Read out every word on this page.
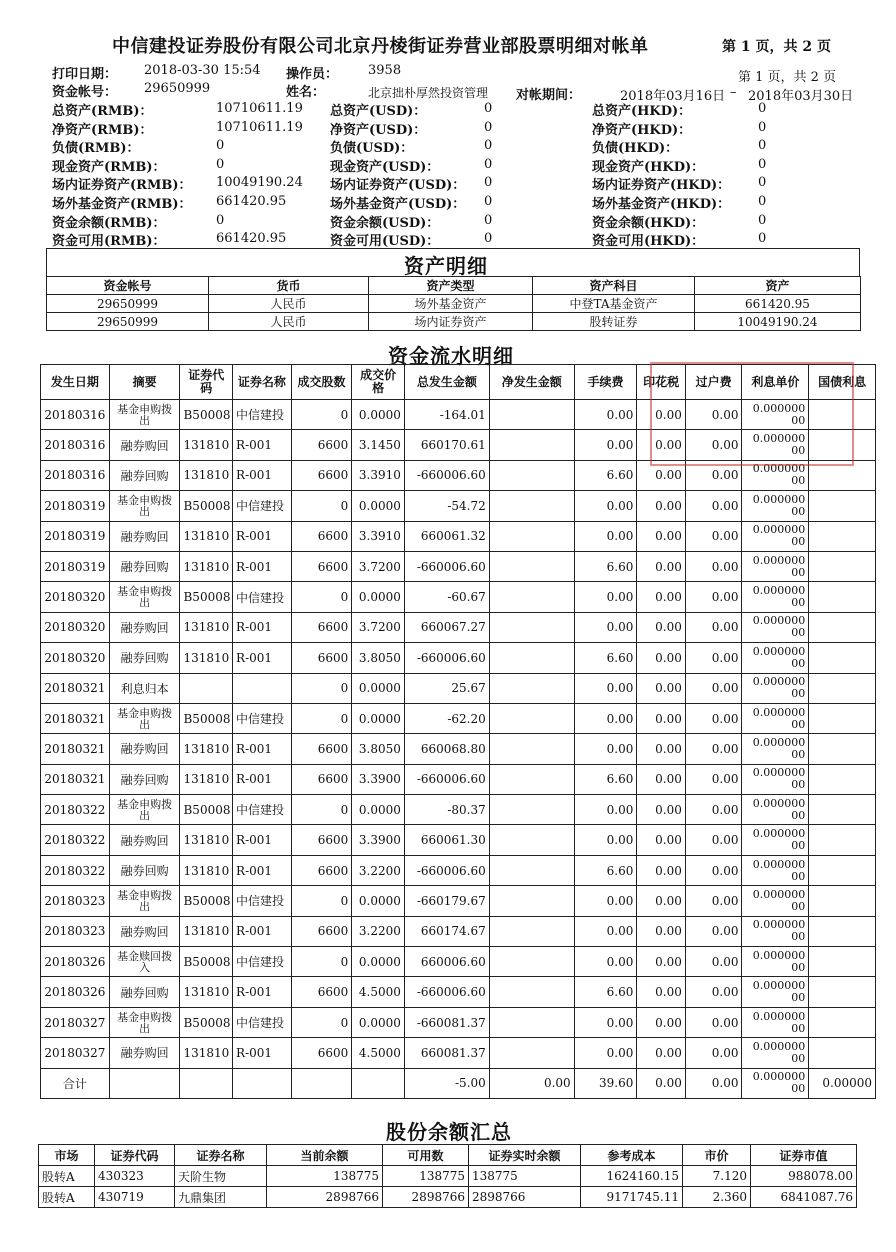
中信建投证券股份有限公司北京丹棱街证券营业部股票明细对帐单	第 1 页，共 2 页
打印日期： 2018-03-30 15:54 操作员： 3958	第 1 页，共 2 页
资金帐号： 29650999	姓名：	北京拙朴厚然投资管理 对帐期间：	2018年03月16日 – 2018年03月30日
总资产(RMB)：	10710611.19
净资产(RMB)：	10710611.19
负债(RMB)：	0
现金资产(RMB)：	0
场内证券资产(RMB)： 10049190.24
场外基金资产(RMB)： 661420.95
资金余额(RMB)：	0
资金可用(RMB)：	661420.95
总资产(USD)：	0
净资产(USD)：	0
负债(USD)：	0
现金资产(USD)：	0
场内证券资产(USD)： 0
场外基金资产(USD)： 0
资金余额(USD)：	0
资金可用(USD)：	0
总资产(HKD)：	0
净资产(HKD)：	0
负债(HKD)：	0
现金资产(HKD)：	0
场内证券资产(HKD)： 0
场外基金资产(HKD)： 0
资金余额(HKD)：	0
资金可用(HKD)：	0
资产明细
资金帐号	货币	资产类型	资产科目	资产
29650999	人民币	场外基金资产	中登TA基金资产	661420.95
29650999	人民币	场内证券资产	股转证券	10049190.24
资金流水明细
发生日期	摘要	证券代码	证券名称	成交股数	成交价格	总发生金额	净发生金额	手续费	印花税	过户费	利息单价	国债利息
20180316	基金申购拨出	B50008	中信建投	0	0.0000	-164.01		0.00	0.00	0.00	0.000000 00	
20180316	融券购回	131810	R-001	6600	3.1450	660170.61		0.00	0.00	0.00	0.000000 00	
20180316	融券回购	131810	R-001	6600	3.3910	-660006.60		6.60	0.00	0.00	0.000000 00	
20180319	基金申购拨出	B50008	中信建投	0	0.0000	-54.72		0.00	0.00	0.00	0.000000 00	
20180319	融券购回	131810	R-001	6600	3.3910	660061.32		0.00	0.00	0.00	0.000000 00	
20180319	融券回购	131810	R-001	6600	3.7200	-660006.60		6.60	0.00	0.00	0.000000 00	
20180320	基金申购拨出	B50008	中信建投	0	0.0000	-60.67		0.00	0.00	0.00	0.000000 00	
20180320	融券购回	131810	R-001	6600	3.7200	660067.27		0.00	0.00	0.00	0.000000 00	
20180320	融券回购	131810	R-001	6600	3.8050	-660006.60		6.60	0.00	0.00	0.000000 00	
20180321	利息归本			0	0.0000	25.67		0.00	0.00	0.00	0.000000 00	
20180321	基金申购拨出	B50008	中信建投	0	0.0000	-62.20		0.00	0.00	0.00	0.000000 00	
20180321	融券购回	131810	R-001	6600	3.8050	660068.80		0.00	0.00	0.00	0.000000 00	
20180321	融券回购	131810	R-001	6600	3.3900	-660006.60		6.60	0.00	0.00	0.000000 00	
20180322	基金申购拨出	B50008	中信建投	0	0.0000	-80.37		0.00	0.00	0.00	0.000000 00	
20180322	融券购回	131810	R-001	6600	3.3900	660061.30		0.00	0.00	0.00	0.000000 00	
20180322	融券回购	131810	R-001	6600	3.2200	-660006.60		6.60	0.00	0.00	0.000000 00	
20180323	基金申购拨出	B50008	中信建投	0	0.0000	-660179.67		0.00	0.00	0.00	0.000000 00	
20180323	融券购回	131810	R-001	6600	3.2200	660174.67		0.00	0.00	0.00	0.000000 00	
20180326	基金赎回拨入	B50008	中信建投	0	0.0000	660006.60		0.00	0.00	0.00	0.000000 00	
20180326	融券回购	131810	R-001	6600	4.5000	-660006.60		6.60	0.00	0.00	0.000000 00	
20180327	基金申购拨出	B50008	中信建投	0	0.0000	-660081.37		0.00	0.00	0.00	0.000000 00	
20180327	融券购回	131810	R-001	6600	4.5000	660081.37		0.00	0.00	0.00	0.000000 00	
合计						-5.00	0.00	39.60	0.00	0.00	0.000000 00	0.00000
股份余额汇总
市场	证券代码	证券名称	当前余额	可用数	证券实时余额	参考成本	市价	证券市值
股转A	430323	天阶生物	138775	138775	138775	1624160.15	7.120	988078.00
股转A	430719	九鼎集团	2898766	2898766	2898766	9171745.11	2.360	6841087.76
